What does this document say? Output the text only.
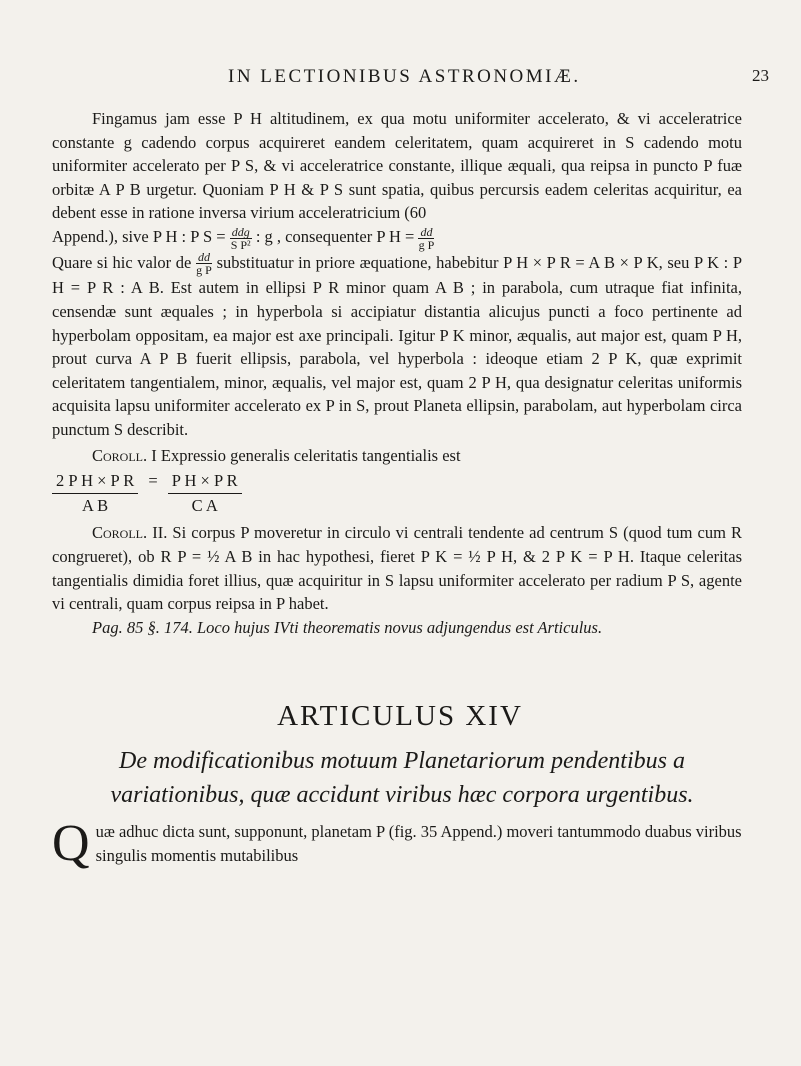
IN LECTIONIBUS ASTRONOMIÆ.	23

Fingamus jam esse P H altitudinem, ex qua motu uniformiter accelerato, & vi acceleratrice constante g cadendo corpus acquireret eandem celeritatem, quam acquireret in S cadendo motu uniformiter accelerato per P S, & vi acceleratrice constante, illique æquali, qua reipsa in puncto P fuæ orbitæ A P B urgetur. Quoniam P H & P S sunt spatia, quibus percursis eadem celeritas acquiritur, ea debent esse in ratione inversa virium acceleratricium (60

Append.), sive P H : P $S = \frac{\text{ddg}}{\text{S P²}}$ : g , consequenter P $H = \frac{dd}{\text{g P}}$

Quare si hic valor de $\frac{dd}{\text{g P}}$ substituatur in priore æquatione, habebitur P H × P R = A B × P K, seu P K : P H = P R : A B. Est autem in ellipsi P R minor quam A B ; in parabola, cum utraque fiat infinita, censendæ sunt æquales ; in hyperbola si accipiatur distantia alicujus puncti a foco pertinente ad hyperbolam oppositam, ea major est axe principali. Igitur P K minor, æqualis, aut major est, quam P H, prout curva A P B fuerit ellipsis, parabola, vel hyperbola : ideoque etiam 2 P K, quæ exprimit celeritatem tangentialem, minor, æqualis, vel major est, quam 2 P H, qua designatur celeritas uniformis acquisita lapsu uniformiter accelerato ex P in S, prout Planeta ellipsin, parabolam, aut hyperbolam circa punctum S describit.

Coroll. I Expressio generalis celeritatis tangentialis est

$\frac{\text{2 P H × P R}}{\text{A B}} = \frac{\text{P H × P R}}{\text{C A}}$

Coroll. II. Si corpus P moveretur in circulo vi centrali tendente ad centrum S (quod tum cum R congrueret), ob R P = ½ A B in hac hypothesi, fieret P K = ½ P H, & 2 P K = P H. Itaque celeritas tangentialis dimidia foret illius, quæ acquiritur in S lapsu uniformiter accelerato per radium P S, agente vi centrali, quam corpus reipsa in P habet.

Pag. 85 §. 174. Loco hujus IVti theorematis novus adjungendus est Articulus.

ARTICULUS XIV
De modificationibus motuum Planetariorum pendentibus a variationibus, quæ accidunt viribus hæc corpora urgentibus.
Q uæ adhuc dicta sunt, supponunt, planetam P (fig. 35 Append.) moveri tantummodo duabus viribus singulis momentis mutabilibus
